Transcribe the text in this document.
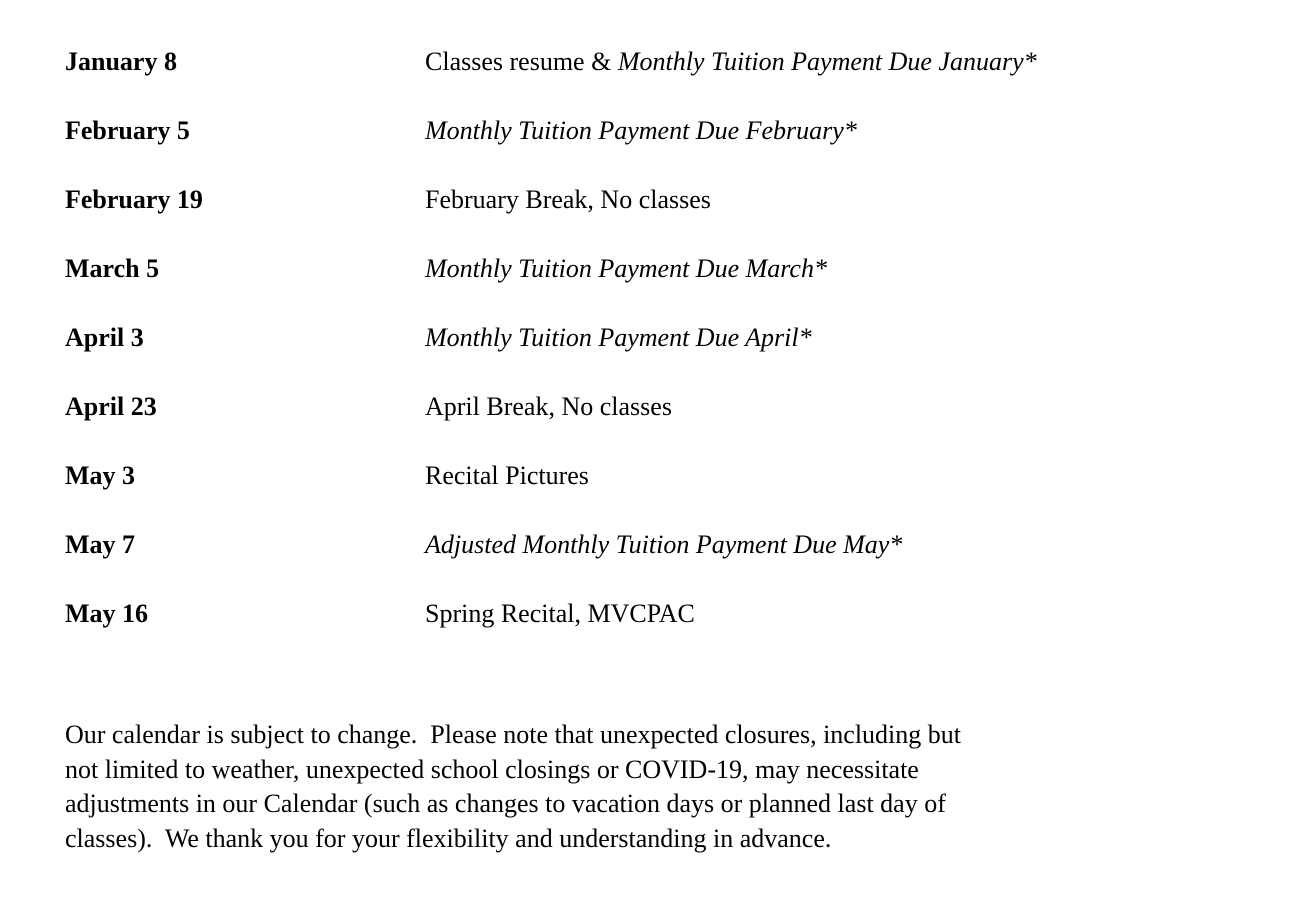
January 8	Classes resume & Monthly Tuition Payment Due January*
February 5	Monthly Tuition Payment Due February*
February 19	February Break, No classes
March 5	Monthly Tuition Payment Due March*
April 3	Monthly Tuition Payment Due April*
April 23	April Break, No classes
May 3	Recital Pictures
May 7	Adjusted Monthly Tuition Payment Due May*
May 16	Spring Recital, MVCPAC
Our calendar is subject to change.  Please note that unexpected closures, including but
not limited to weather, unexpected school closings or COVID-19, may necessitate
adjustments in our Calendar (such as changes to vacation days or planned last day of
classes).  We thank you for your flexibility and understanding in advance.
